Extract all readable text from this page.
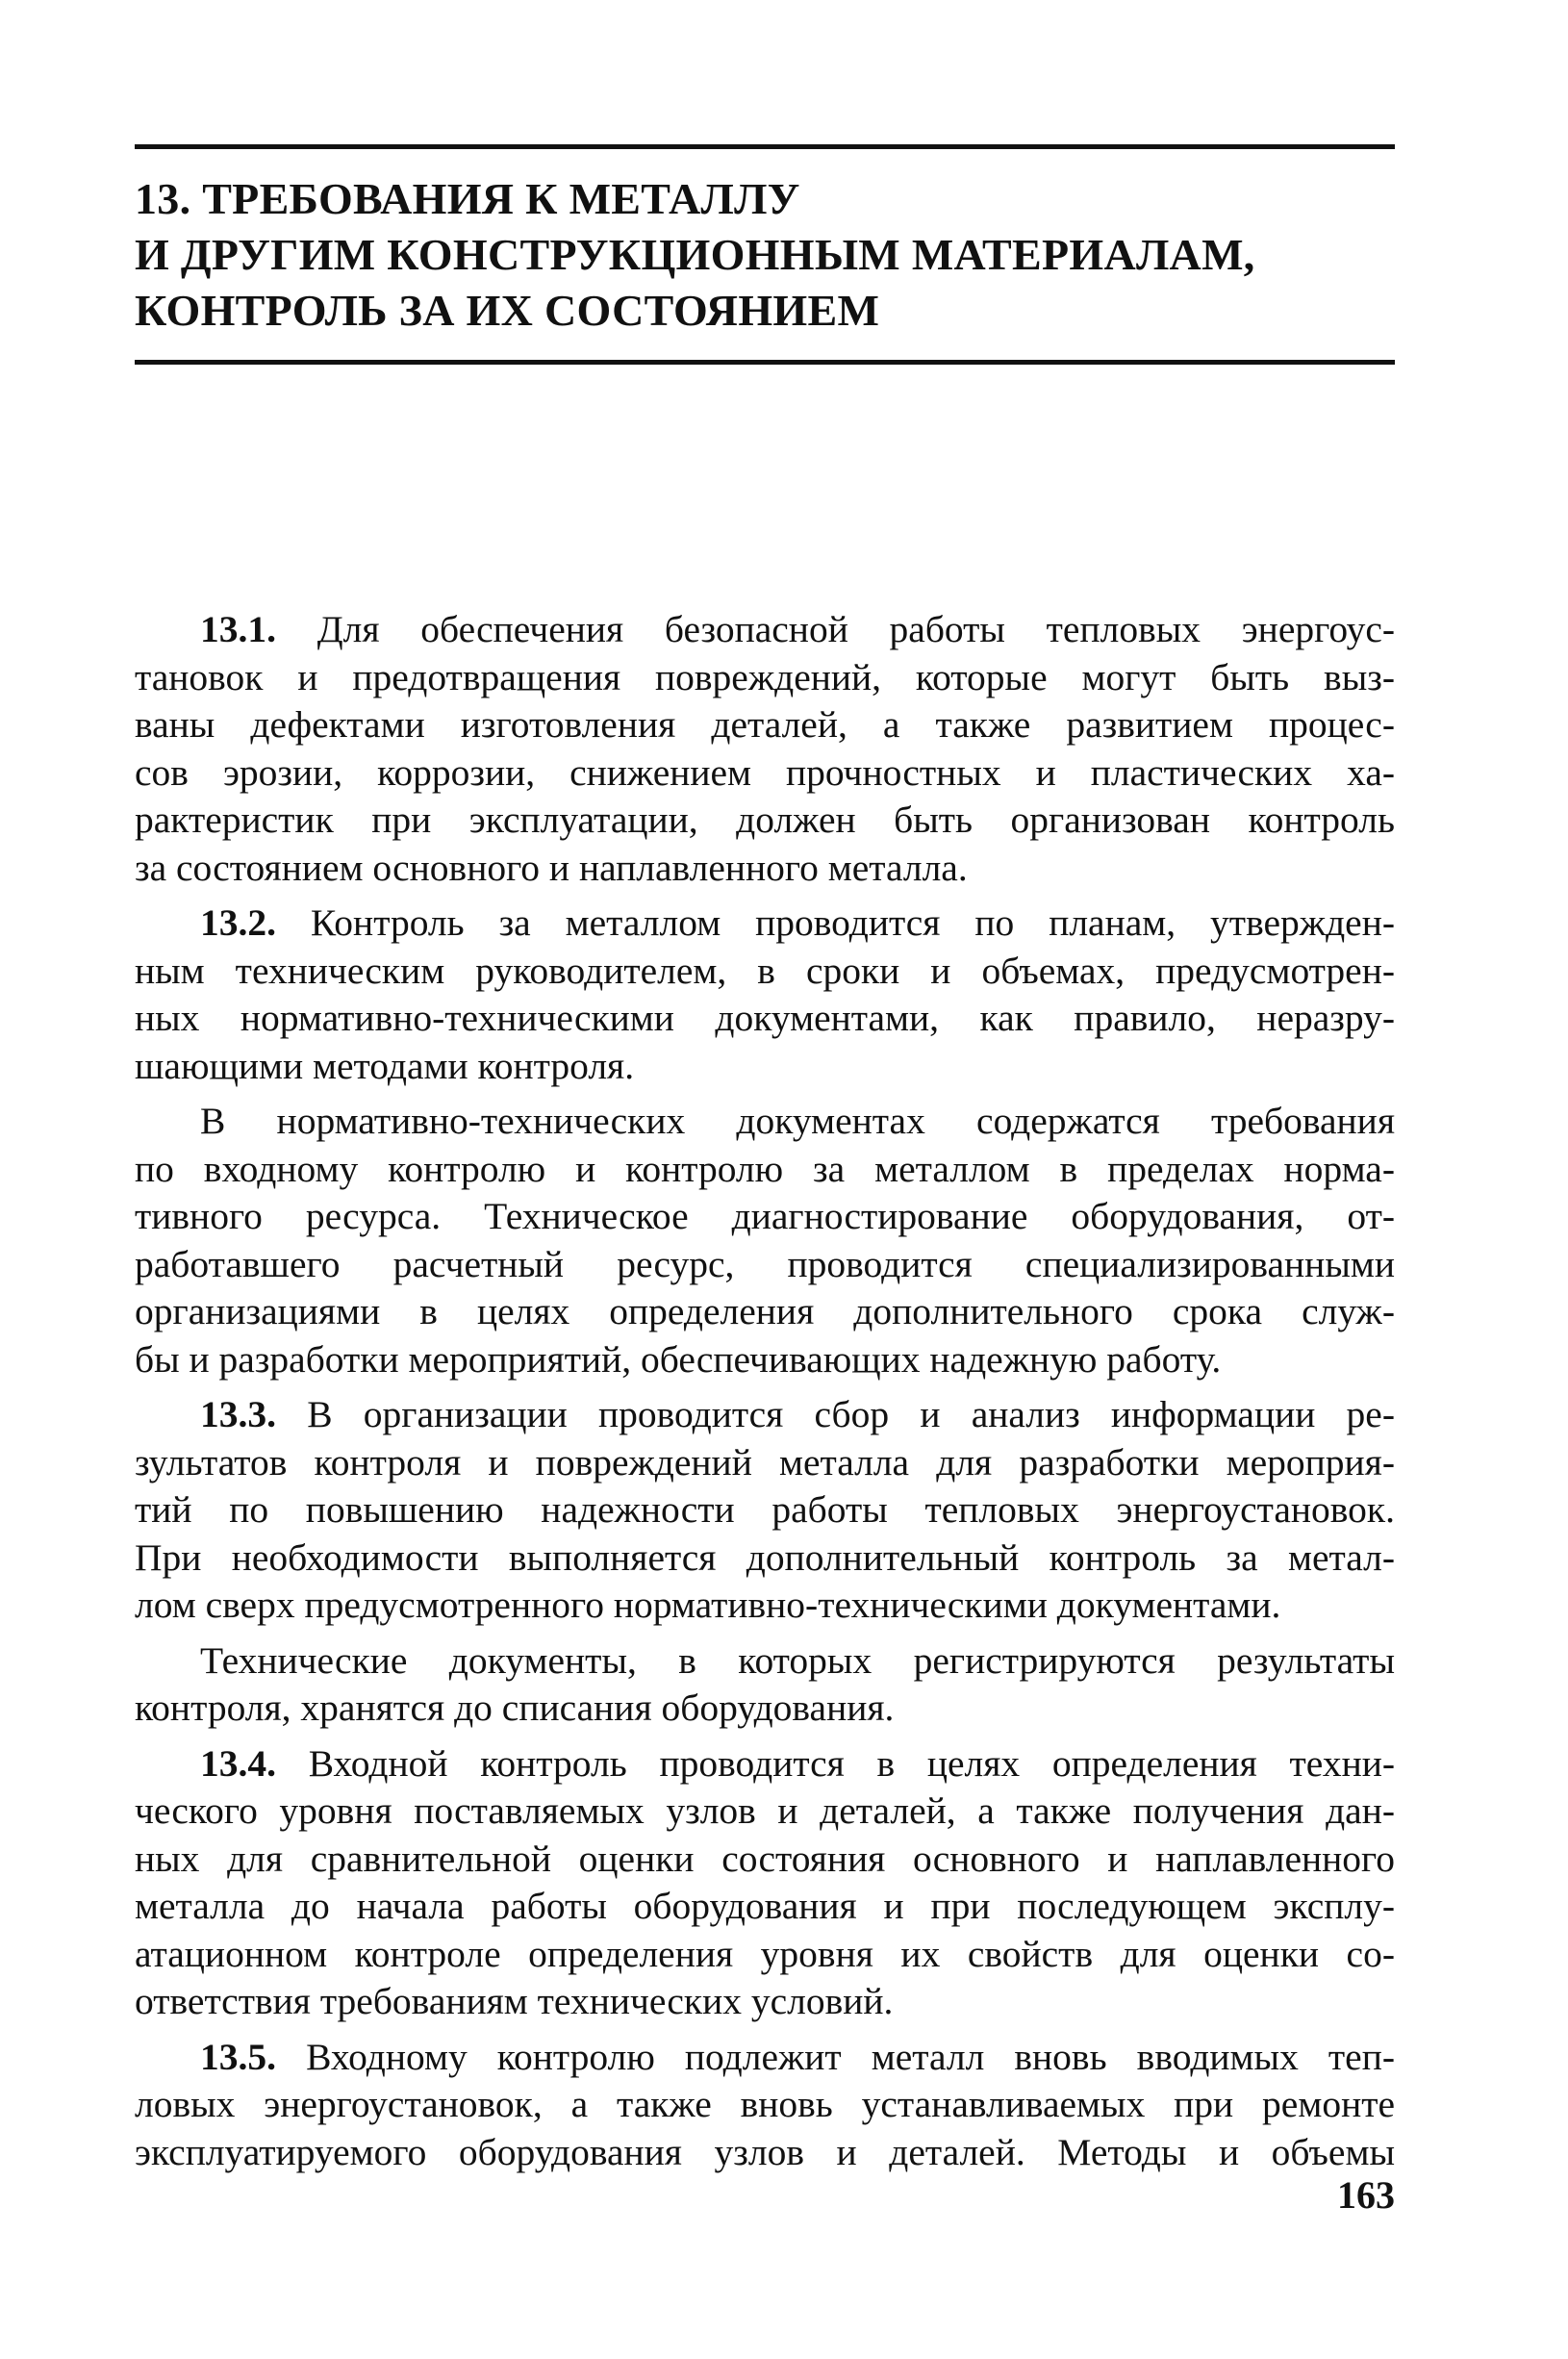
13. ТРЕБОВАНИЯ К МЕТАЛЛУ
И ДРУГИМ КОНСТРУКЦИОННЫМ МАТЕРИАЛАМ,
КОНТРОЛЬ ЗА ИХ СОСТОЯНИЕМ

13.1. Для обеспечения безопасной работы тепловых энергоус-
тановок и предотвращения повреждений, которые могут быть выз-
ваны дефектами изготовления деталей, а также развитием процес-
сов эрозии, коррозии, снижением прочностных и пластических ха-
рактеристик при эксплуатации, должен быть организован контроль
за состоянием основного и наплавленного металла.

13.2. Контроль за металлом проводится по планам, утвержден-
ным техническим руководителем, в сроки и объемах, предусмотрен-
ных нормативно-техническими документами, как правило, неразру-
шающими методами контроля.

В нормативно-технических документах содержатся требования
по входному контролю и контролю за металлом в пределах норма-
тивного ресурса. Техническое диагностирование оборудования, от-
работавшего расчетный ресурс, проводится специализированными
организациями в целях определения дополнительного срока служ-
бы и разработки мероприятий, обеспечивающих надежную работу.

13.3. В организации проводится сбор и анализ информации ре-
зультатов контроля и повреждений металла для разработки мероприя-
тий по повышению надежности работы тепловых энергоустановок.
При необходимости выполняется дополнительный контроль за метал-
лом сверх предусмотренного нормативно-техническими документами.

Технические документы, в которых регистрируются результаты
контроля, хранятся до списания оборудования.

13.4. Входной контроль проводится в целях определения техни-
ческого уровня поставляемых узлов и деталей, а также получения дан-
ных для сравнительной оценки состояния основного и наплавленного
металла до начала работы оборудования и при последующем эксплу-
атационном контроле определения уровня их свойств для оценки со-
ответствия требованиям технических условий.

13.5. Входному контролю подлежит металл вновь вводимых теп-
ловых энергоустановок, а также вновь устанавливаемых при ремонте
эксплуатируемого оборудования узлов и деталей. Методы и объемы

163
